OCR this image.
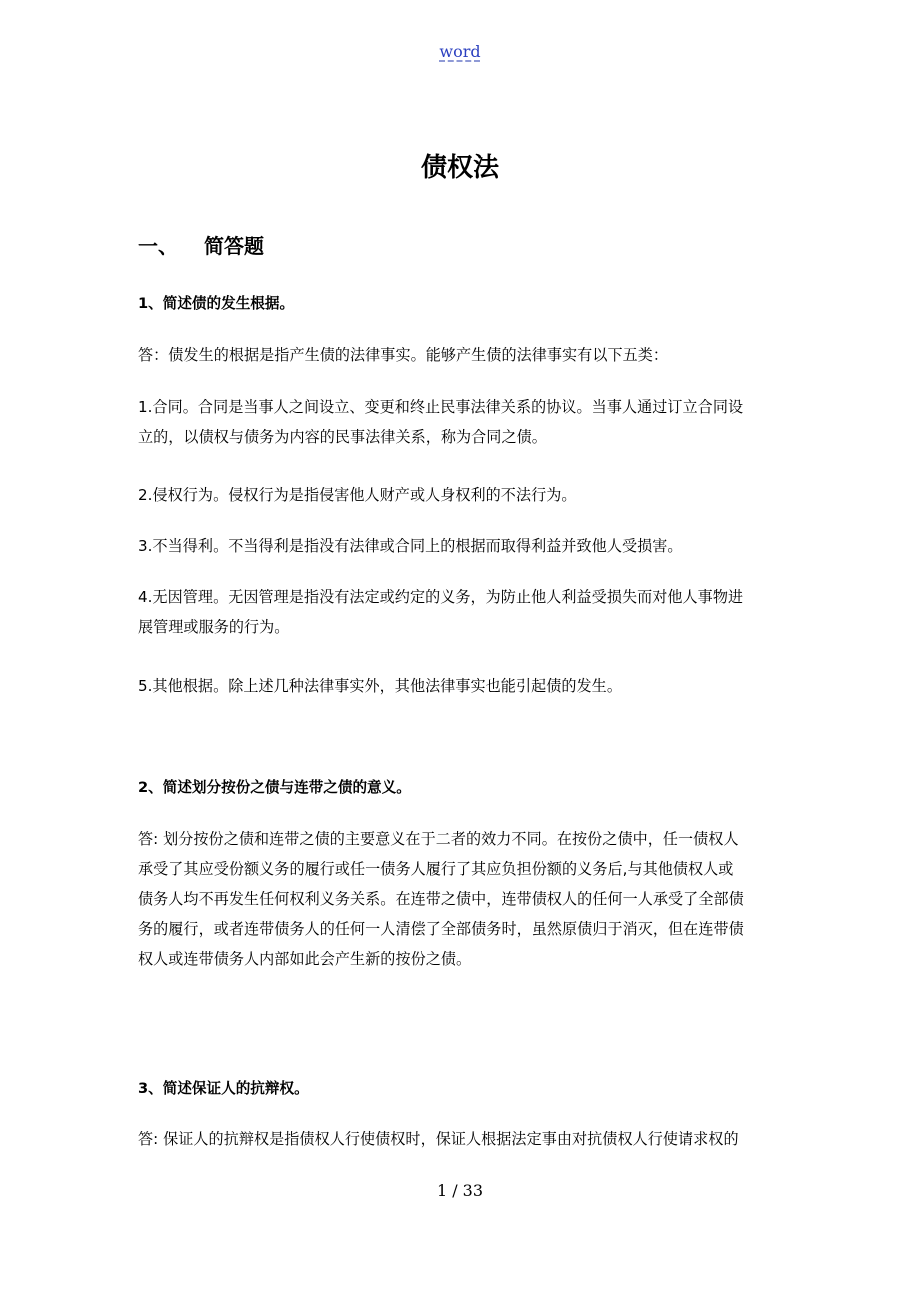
word
债权法
一、 简答题

1、简述债的发生根据。

答：债发生的根据是指产生债的法律事实。能够产生债的法律事实有以下五类：

1.合同。合同是当事人之间设立、变更和终止民事法律关系的协议。当事人通过订立合同设
立的，以债权与债务为内容的民事法律关系，称为合同之债。

2.侵权行为。侵权行为是指侵害他人财产或人身权利的不法行为。

3.不当得利。不当得利是指没有法律或合同上的根据而取得利益并致他人受损害。

4.无因管理。无因管理是指没有法定或约定的义务，为防止他人利益受损失而对他人事物进
展管理或服务的行为。

5.其他根据。除上述几种法律事实外，其他法律事实也能引起债的发生。

2、简述划分按份之债与连带之债的意义。

答: 划分按份之债和连带之债的主要意义在于二者的效力不同。在按份之债中，任一债权人
承受了其应受份额义务的履行或任一债务人履行了其应负担份额的义务后,与其他债权人或
债务人均不再发生任何权利义务关系。在连带之债中，连带债权人的任何一人承受了全部债
务的履行，或者连带债务人的任何一人清偿了全部债务时，虽然原债归于消灭，但在连带债
权人或连带债务人内部如此会产生新的按份之债。

3、简述保证人的抗辩权。

答: 保证人的抗辩权是指债权人行使债权时，保证人根据法定事由对抗债权人行使请求权的

1 / 33
